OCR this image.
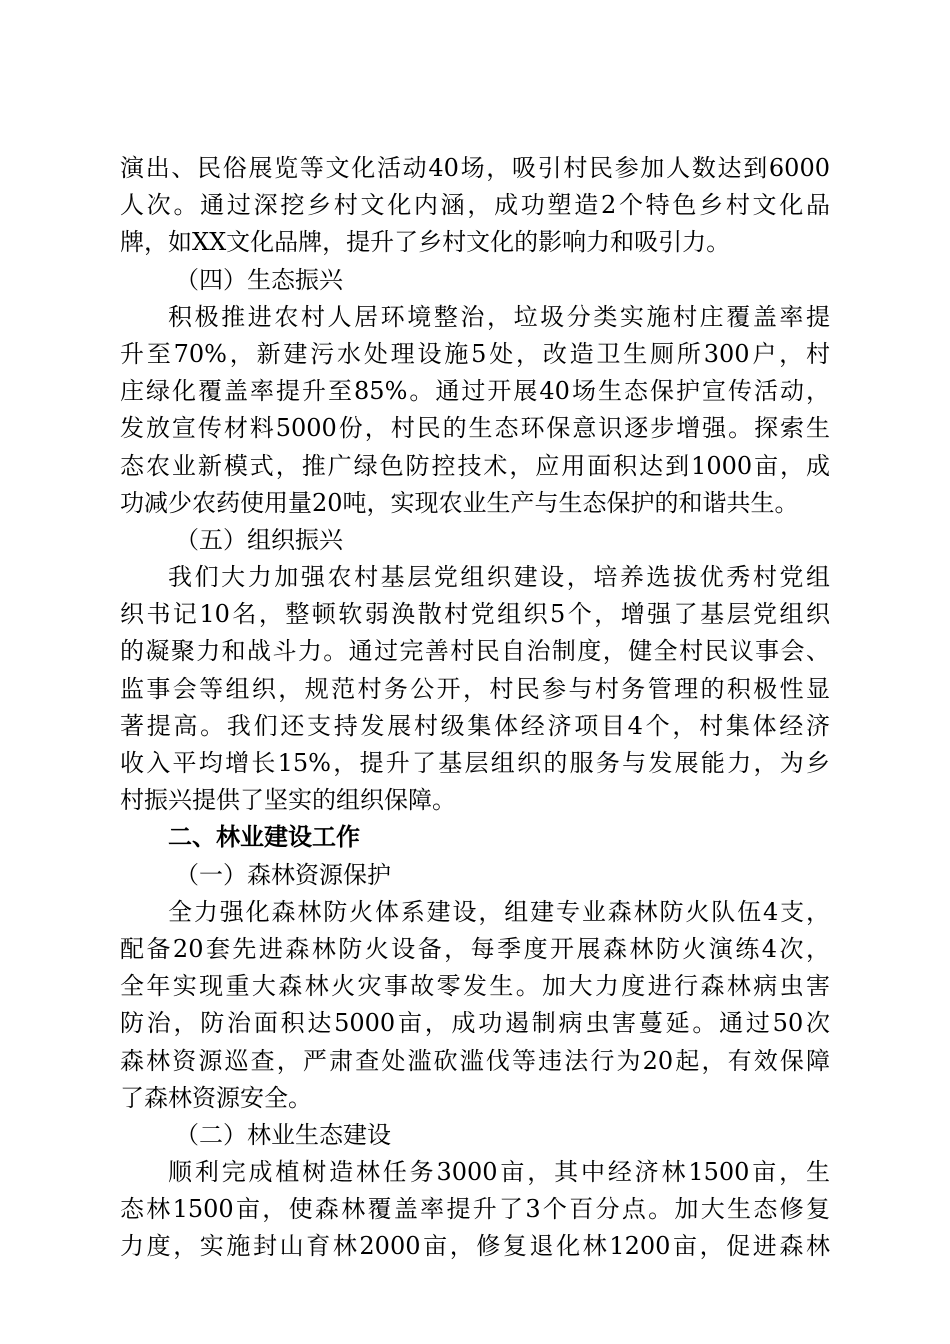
演出、民俗展览等文化活动40场，吸引村民参加人数达到6000
人次。通过深挖乡村文化内涵，成功塑造2个特色乡村文化品
牌，如XX文化品牌，提升了乡村文化的影响力和吸引力。
（四）生态振兴
积极推进农村人居环境整治，垃圾分类实施村庄覆盖率提
升至70%，新建污水处理设施5处，改造卫生厕所300户，村
庄绿化覆盖率提升至85%。通过开展40场生态保护宣传活动，
发放宣传材料5000份，村民的生态环保意识逐步增强。探索生
态农业新模式，推广绿色防控技术，应用面积达到1000亩，成
功减少农药使用量20吨，实现农业生产与生态保护的和谐共生。
（五）组织振兴
我们大力加强农村基层党组织建设，培养选拔优秀村党组
织书记10名，整顿软弱涣散村党组织5个，增强了基层党组织
的凝聚力和战斗力。通过完善村民自治制度，健全村民议事会、
监事会等组织，规范村务公开，村民参与村务管理的积极性显
著提高。我们还支持发展村级集体经济项目4个，村集体经济
收入平均增长15%，提升了基层组织的服务与发展能力，为乡
村振兴提供了坚实的组织保障。
二、林业建设工作
（一）森林资源保护
全力强化森林防火体系建设，组建专业森林防火队伍4支，
配备20套先进森林防火设备，每季度开展森林防火演练4次，
全年实现重大森林火灾事故零发生。加大力度进行森林病虫害
防治，防治面积达5000亩，成功遏制病虫害蔓延。通过50次
森林资源巡查，严肃查处滥砍滥伐等违法行为20起，有效保障
了森林资源安全。
（二）林业生态建设
顺利完成植树造林任务3000亩，其中经济林1500亩，生
态林1500亩，使森林覆盖率提升了3个百分点。加大生态修复
力度，实施封山育林2000亩，修复退化林1200亩，促进森林
